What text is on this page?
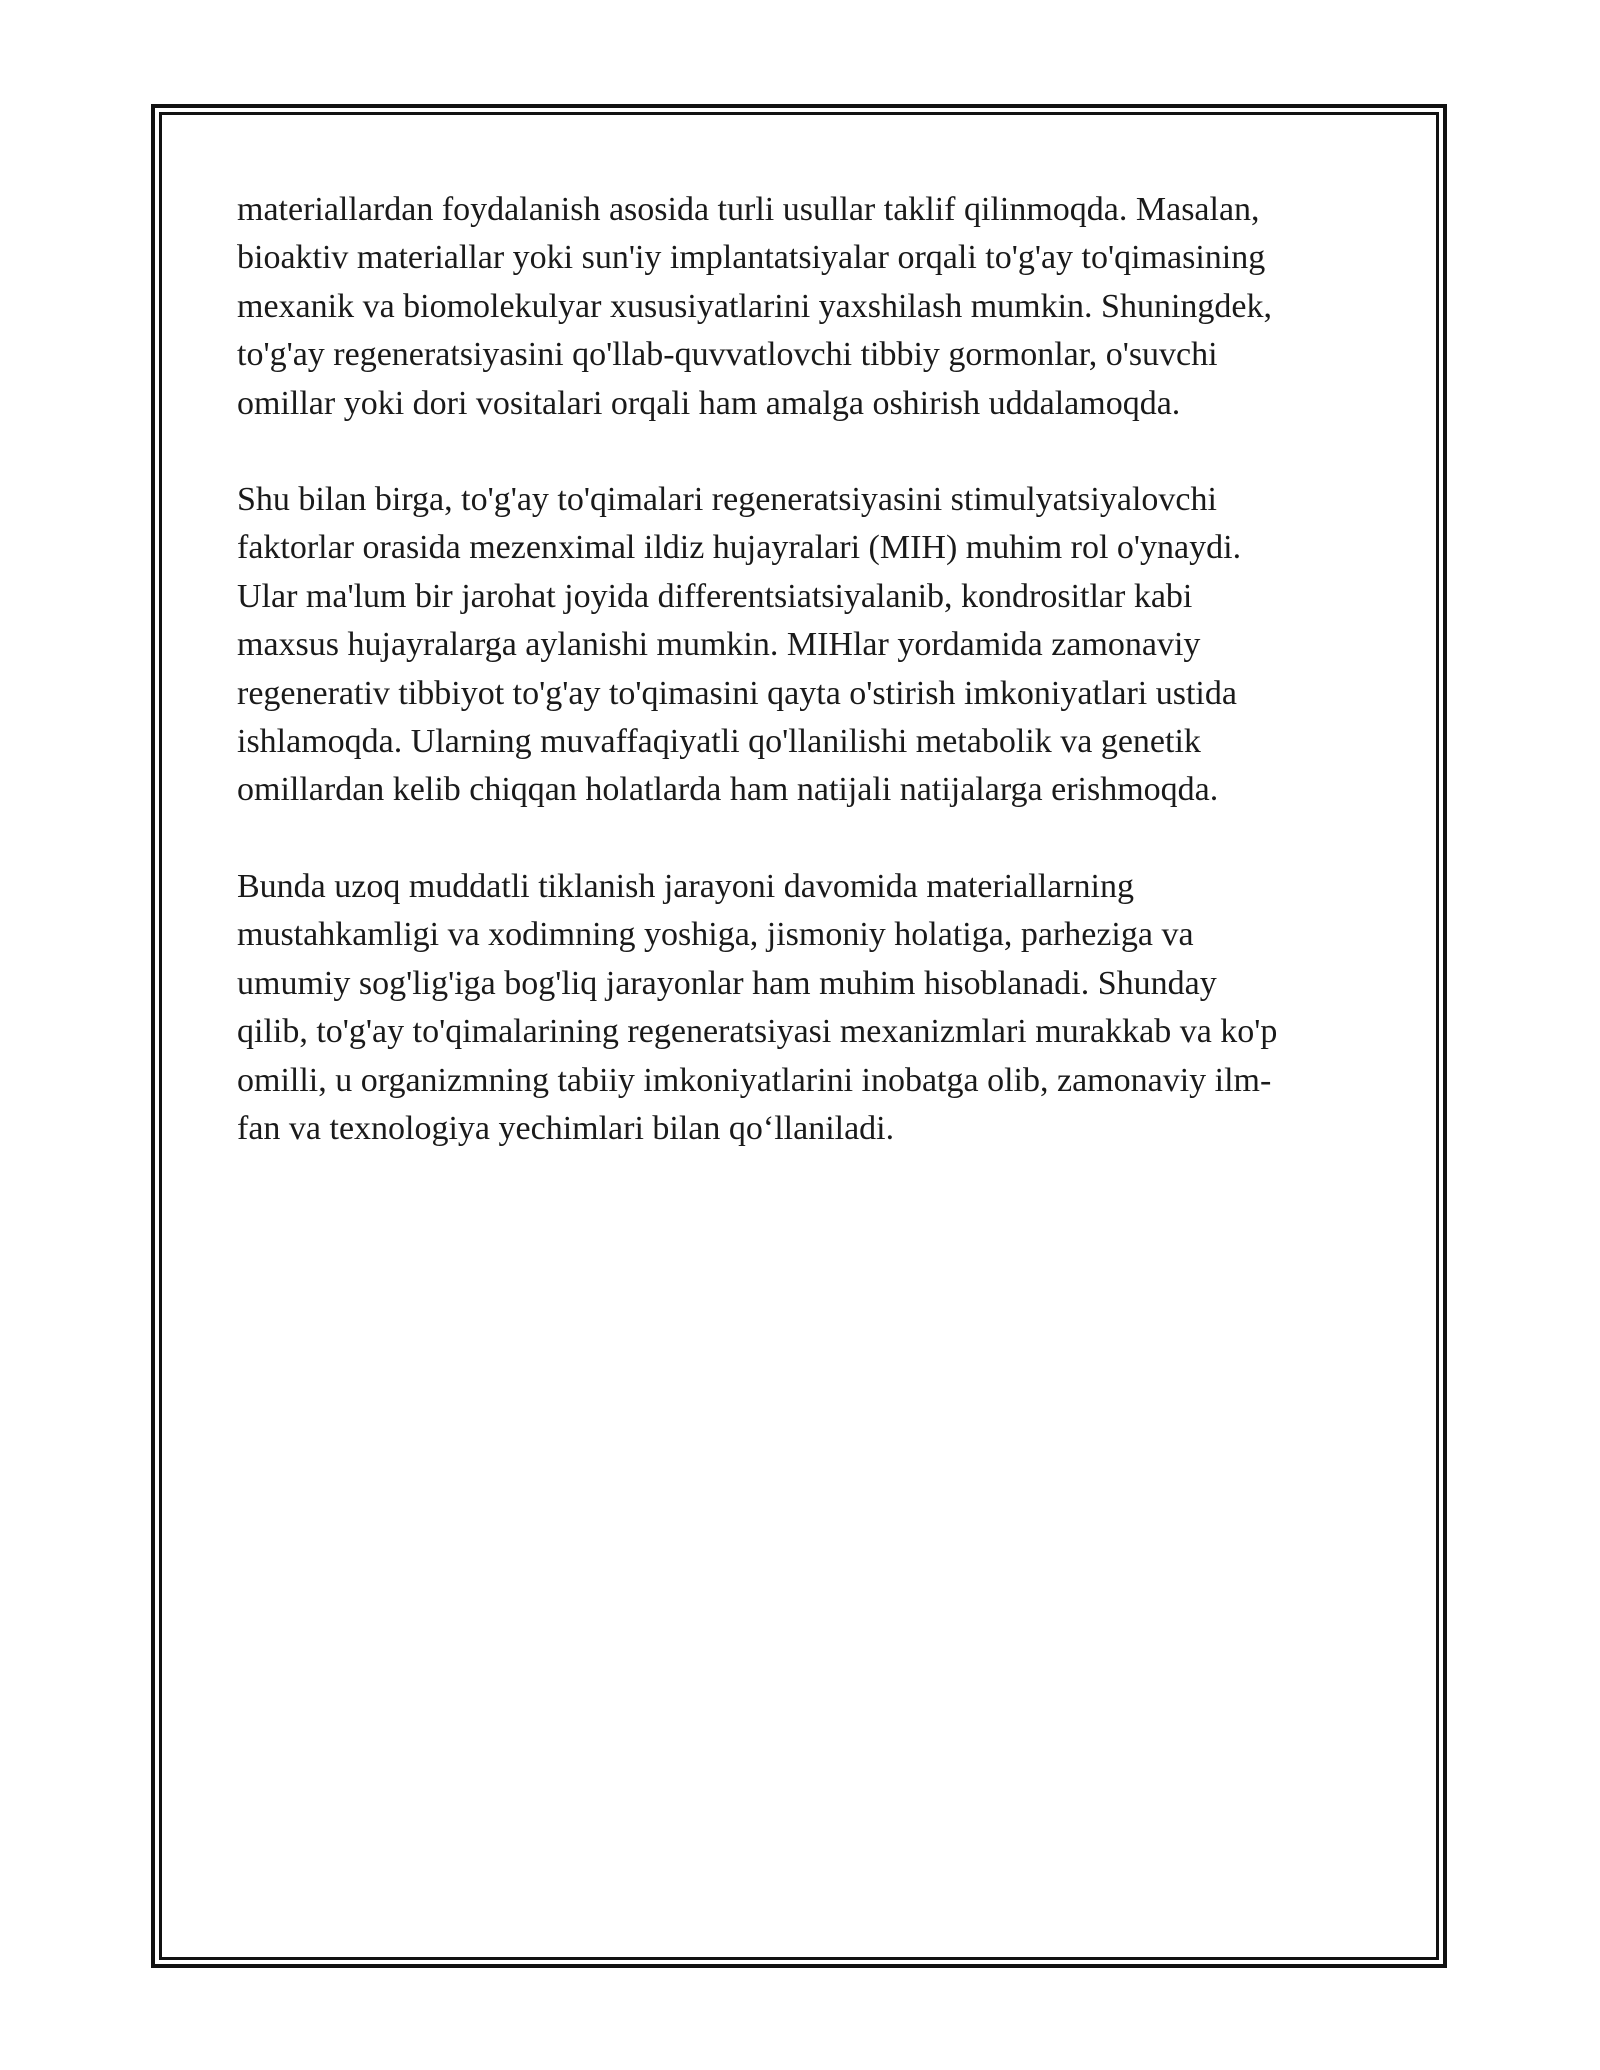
materiallardan foydalanish asosida turli usullar taklif qilinmoqda. Masalan,
bioaktiv materiallar yoki sun'iy implantatsiyalar orqali to'g'ay to'qimasining
mexanik va biomolekulyar xususiyatlarini yaxshilash mumkin. Shuningdek,
to'g'ay regeneratsiyasini qo'llab-quvvatlovchi tibbiy gormonlar, o'suvchi
omillar yoki dori vositalari orqali ham amalga oshirish uddalamoqda.

Shu bilan birga, to'g'ay to'qimalari regeneratsiyasini stimulyatsiyalovchi
faktorlar orasida mezenximal ildiz hujayralari (MIH) muhim rol o'ynaydi.
Ular ma'lum bir jarohat joyida differentsiatsiyalanib, kondrositlar kabi
maxsus hujayralarga aylanishi mumkin. MIHlar yordamida zamonaviy
regenerativ tibbiyot to'g'ay to'qimasini qayta o'stirish imkoniyatlari ustida
ishlamoqda. Ularning muvaffaqiyatli qo'llanilishi metabolik va genetik
omillardan kelib chiqqan holatlarda ham natijali natijalarga erishmoqda.

Bunda uzoq muddatli tiklanish jarayoni davomida materiallarning
mustahkamligi va xodimning yoshiga, jismoniy holatiga, parheziga va
umumiy sog'lig'iga bog'liq jarayonlar ham muhim hisoblanadi. Shunday
qilib, to'g'ay to'qimalarining regeneratsiyasi mexanizmlari murakkab va ko'p
omilli, u organizmning tabiiy imkoniyatlarini inobatga olib, zamonaviy ilm-
fan va texnologiya yechimlari bilan qo‘llaniladi.
